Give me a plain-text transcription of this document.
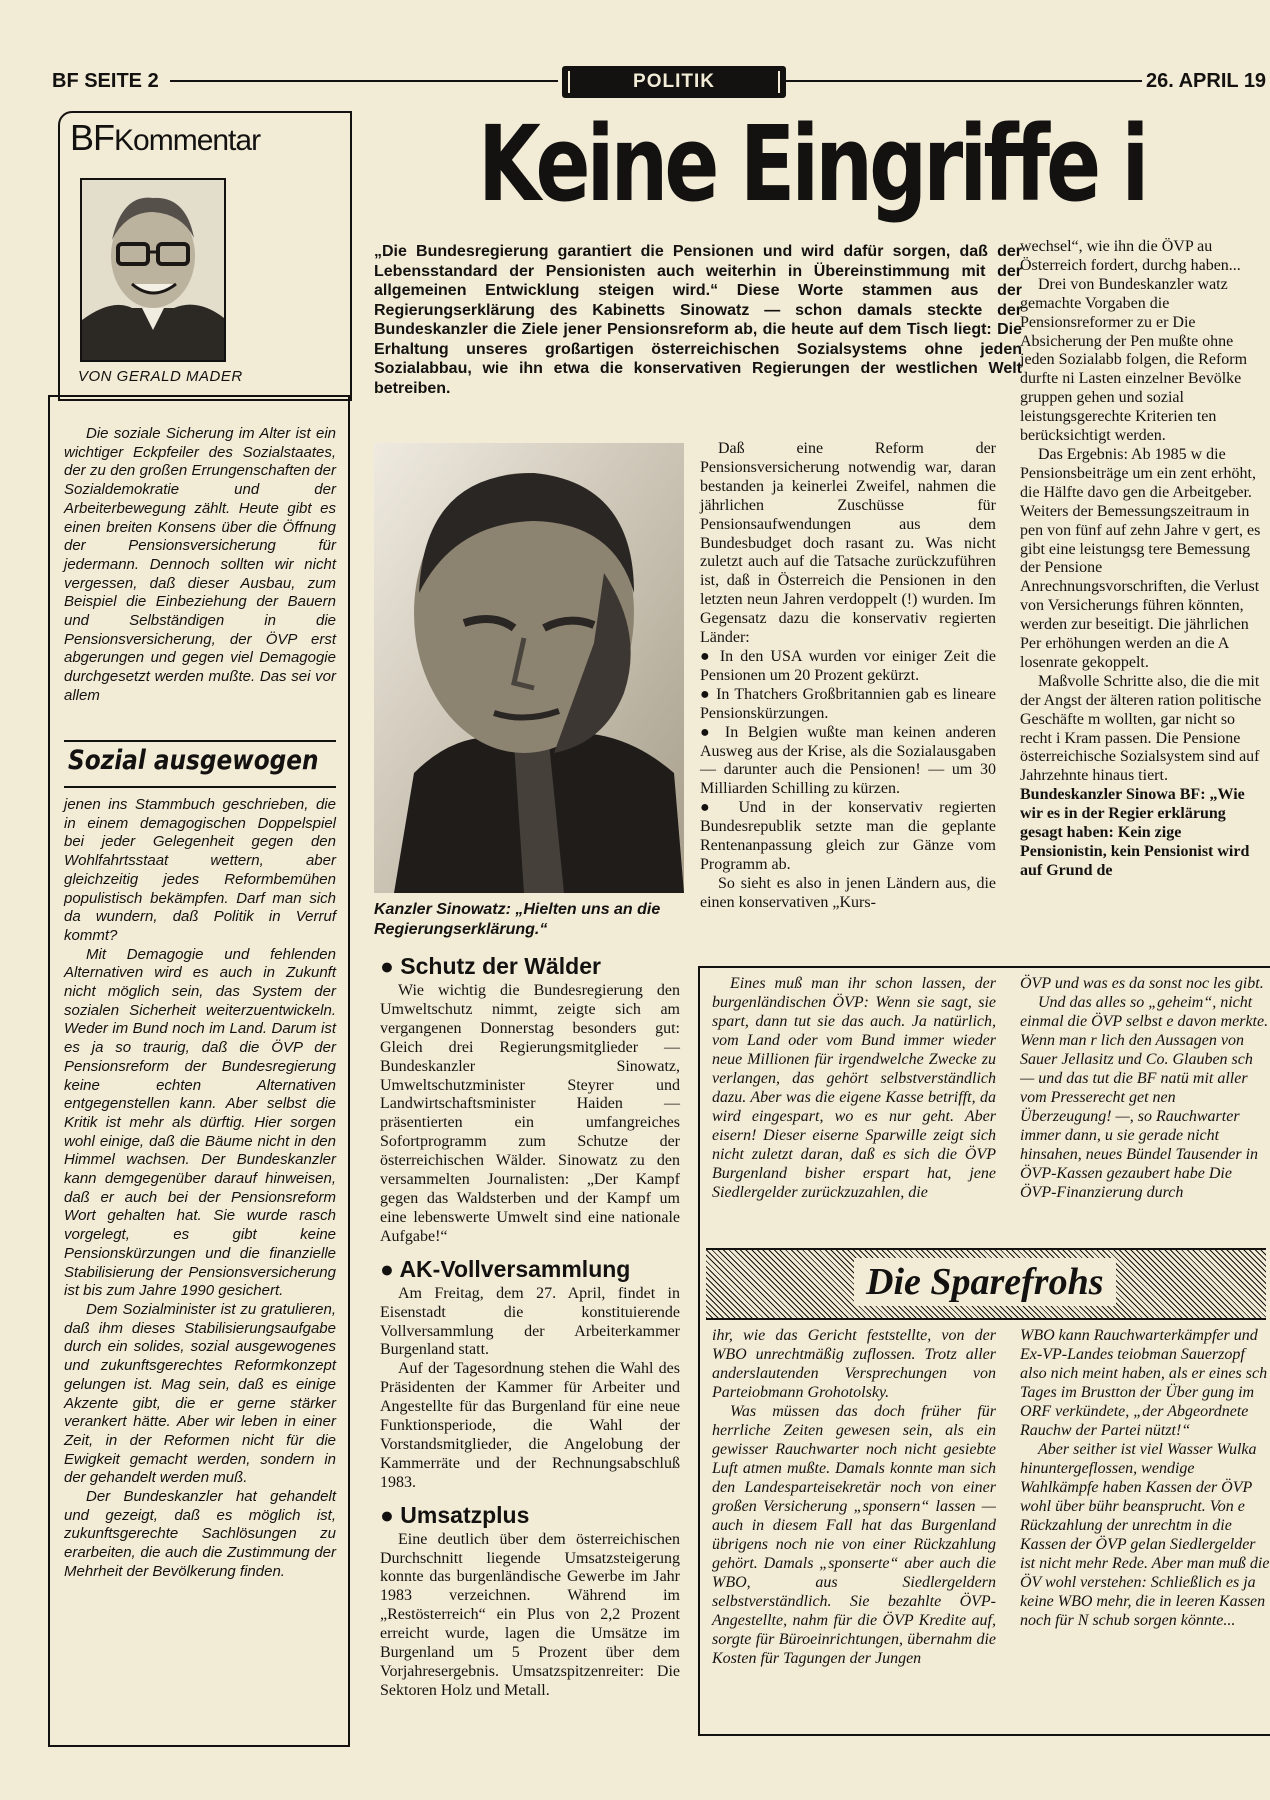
BF SEITE 2	POLITIK	26. APRIL 19
BFKommentar
VON GERALD MADER

Die soziale Sicherung im Alter ist ein wichtiger Eckpfeiler des Sozialstaates, der zu den großen Errungenschaften der Sozialdemokratie und der Arbeiterbewegung zählt. Heute gibt es einen breiten Konsens über die Öffnung der Pensionsversicherung für jedermann. Dennoch sollten wir nicht vergessen, daß dieser Ausbau, zum Beispiel die Einbeziehung der Bauern und Selbständigen in die Pensionsversicherung, der ÖVP erst abgerungen und gegen viel Demagogie durchgesetzt werden mußte. Das sei vor allem

Sozial ausgewogen

jenen ins Stammbuch geschrieben, die in einem demagogischen Doppelspiel bei jeder Gelegenheit gegen den Wohlfahrtsstaat wettern, aber gleichzeitig jedes Reformbemühen populistisch bekämpfen. Darf man sich da wundern, daß Politik in Verruf kommt?

Mit Demagogie und fehlenden Alternativen wird es auch in Zukunft nicht möglich sein, das System der sozialen Sicherheit weiterzuentwickeln. Weder im Bund noch im Land. Darum ist es ja so traurig, daß die ÖVP der Pensionsreform der Bundesregierung keine echten Alternativen entgegenstellen kann. Aber selbst die Kritik ist mehr als dürftig. Hier sorgen wohl einige, daß die Bäume nicht in den Himmel wachsen. Der Bundeskanzler kann demgegenüber darauf hinweisen, daß er auch bei der Pensionsreform Wort gehalten hat. Sie wurde rasch vorgelegt, es gibt keine Pensionskürzungen und die finanzielle Stabilisierung der Pensionsversicherung ist bis zum Jahre 1990 gesichert.

Dem Sozialminister ist zu gratulieren, daß ihm dieses Stabilisierungsaufgabe durch ein solides, sozial ausgewogenes und zukunftsgerechtes Reformkonzept gelungen ist. Mag sein, daß es einige Akzente gibt, die er gerne stärker verankert hätte. Aber wir leben in einer Zeit, in der Reformen nicht für die Ewigkeit gemacht werden, sondern in der gehandelt werden muß.

Der Bundeskanzler hat gehandelt und gezeigt, daß es möglich ist, zukunftsgerechte Sachlösungen zu erarbeiten, die auch die Zustimmung der Mehrheit der Bevölkerung finden.

Keine Eingriffe i
„Die Bundesregierung garantiert die Pensionen und wird dafür sorgen, daß der Lebensstandard der Pensionisten auch weiterhin in Übereinstimmung mit der allgemeinen Entwicklung steigen wird.“ Diese Worte stammen aus der Regierungserklärung des Kabinetts Sinowatz — schon damals steckte der Bundeskanzler die Ziele jener Pensionsreform ab, die heute auf dem Tisch liegt: Die Erhaltung unseres großartigen österreichischen Sozialsystems ohne jeden Sozialabbau, wie ihn etwa die konservativen Regierungen der westlichen Welt betreiben.
Kanzler Sinowatz: „Hielten uns an die Regierungserklärung.“

Daß eine Reform der Pensionsversicherung notwendig war, daran bestanden ja keinerlei Zweifel, nahmen die jährlichen Zuschüsse für Pensionsaufwendungen aus dem Bundesbudget doch rasant zu. Was nicht zuletzt auch auf die Tatsache zurückzuführen ist, daß in Österreich die Pensionen in den letzten neun Jahren verdoppelt (!) wurden. Im Gegensatz dazu die konservativ regierten Länder:

● In den USA wurden vor einiger Zeit die Pensionen um 20 Prozent gekürzt.

● In Thatchers Großbritannien gab es lineare Pensionskürzungen.

● In Belgien wußte man keinen anderen Ausweg aus der Krise, als die Sozialausgaben — darunter auch die Pensionen! — um 30 Milliarden Schilling zu kürzen.

● Und in der konservativ regierten Bundesrepublik setzte man die geplante Rentenanpassung gleich zur Gänze vom Programm ab.

So sieht es also in jenen Ländern aus, die einen konservativen „Kurs-

wechsel“, wie ihn die ÖVP au Österreich fordert, durchg haben...

Drei von Bundeskanzler watz gemachte Vorgaben die Pensionsreformer zu er Die Absicherung der Pen mußte ohne jeden Sozialabb folgen, die Reform durfte ni Lasten einzelner Bevölke gruppen gehen und sozial leistungsgerechte Kriterien ten berücksichtigt werden.

Das Ergebnis: Ab 1985 w die Pensionsbeiträge um ein zent erhöht, die Hälfte davo gen die Arbeitgeber. Weiters der Bemessungszeitraum in pen von fünf auf zehn Jahre v gert, es gibt eine leistungsg tere Bemessung der Pensione Anrechnungsvorschriften, die Verlust von Versicherungs führen könnten, werden zur beseitigt. Die jährlichen Per erhöhungen werden an die A losenrate gekoppelt.

Maßvolle Schritte also, die die mit der Angst der älteren ration politische Geschäfte m wollten, gar nicht so recht i Kram passen. Die Pensione österreichische Sozialsystem sind auf Jahrzehnte hinaus tiert. Bundeskanzler Sinowa BF: „Wie wir es in der Regier erklärung gesagt haben: Kein zige Pensionistin, kein Pensionist wird auf Grund de

● Schutz der Wälder
Wie wichtig die Bundesregierung den Umweltschutz nimmt, zeigte sich am vergangenen Donnerstag besonders gut: Gleich drei Regierungsmitglieder — Bundeskanzler Sinowatz, Umweltschutzminister Steyrer und Landwirtschaftsminister Haiden — präsentierten ein umfangreiches Sofortprogramm zum Schutze der österreichischen Wälder. Sinowatz zu den versammelten Journalisten: „Der Kampf gegen das Waldsterben und der Kampf um eine lebenswerte Umwelt sind eine nationale Aufgabe!“
● AK-Vollversammlung
Am Freitag, dem 27. April, findet in Eisenstadt die konstituierende Vollversammlung der Arbeiterkammer Burgenland statt.
Auf der Tagesordnung stehen die Wahl des Präsidenten der Kammer für Arbeiter und Angestellte für das Burgenland für eine neue Funktionsperiode, die Wahl der Vorstandsmitglieder, die Angelobung der Kammerräte und der Rechnungsabschluß 1983.
● Umsatzplus
Eine deutlich über dem österreichischen Durchschnitt liegende Umsatzsteigerung konnte das burgenländische Gewerbe im Jahr 1983 verzeichnen. Während im „Restösterreich“ ein Plus von 2,2 Prozent erreicht wurde, lagen die Umsätze im Burgenland um 5 Prozent über dem Vorjahresergebnis. Umsatzspitzenreiter: Die Sektoren Holz und Metall.

Eines muß man ihr schon lassen, der burgenländischen ÖVP: Wenn sie sagt, sie spart, dann tut sie das auch. Ja natürlich, vom Land oder vom Bund immer wieder neue Millionen für irgendwelche Zwecke zu verlangen, das gehört selbstverständlich dazu. Aber was die eigene Kasse betrifft, da wird eingespart, wo es nur geht. Aber eisern! Dieser eiserne Sparwille zeigt sich nicht zuletzt daran, daß es sich die ÖVP Burgenland bisher erspart hat, jene Siedlergelder zurückzuzahlen, die

ÖVP und was es da sonst noc les gibt.

Und das alles so „geheim“, nicht einmal die ÖVP selbst e davon merkte. Wenn man r lich den Aussagen von Sauer Jellasitz und Co. Glauben sch — und das tut die BF natü mit aller vom Presserecht get nen Überzeugung! —, so Rauchwarter immer dann, u sie gerade nicht hinsahen, neues Bündel Tausender in ÖVP-Kassen gezaubert habe Die ÖVP-Finanzierung durch

Die Sparefrohs

ihr, wie das Gericht feststellte, von der WBO unrechtmäßig zuflossen. Trotz aller anderslautenden Versprechungen von Parteiobmann Grohotolsky.

Was müssen das doch früher für herrliche Zeiten gewesen sein, als ein gewisser Rauchwarter noch nicht gesiebte Luft atmen mußte. Damals konnte man sich den Landesparteisekretär noch von einer großen Versicherung „sponsern“ lassen — auch in diesem Fall hat das Burgenland übrigens noch nie von einer Rückzahlung gehört. Damals „sponserte“ aber auch die WBO, aus Siedlergeldern selbstverständlich. Sie bezahlte ÖVP-Angestellte, nahm für die ÖVP Kredite auf, sorgte für Büroeinrichtungen, übernahm die Kosten für Tagungen der Jungen

WBO kann Rauchwarterkämpfer und Ex-VP-Landes teiobman Sauerzopf also nich meint haben, als er eines sch Tages im Brustton der Über gung im ORF verkündete, „der Abgeordnete Rauchw der Partei nützt!“

Aber seither ist viel Wasser Wulka hinuntergeflossen, wendige Wahlkämpfe haben Kassen der ÖVP wohl über bühr beansprucht. Von e Rückzahlung der unrechtm in die Kassen der ÖVP gelan Siedlergelder ist nicht mehr Rede. Aber man muß die ÖV wohl verstehen: Schließlich es ja keine WBO mehr, die in leeren Kassen noch für N schub sorgen könnte...
